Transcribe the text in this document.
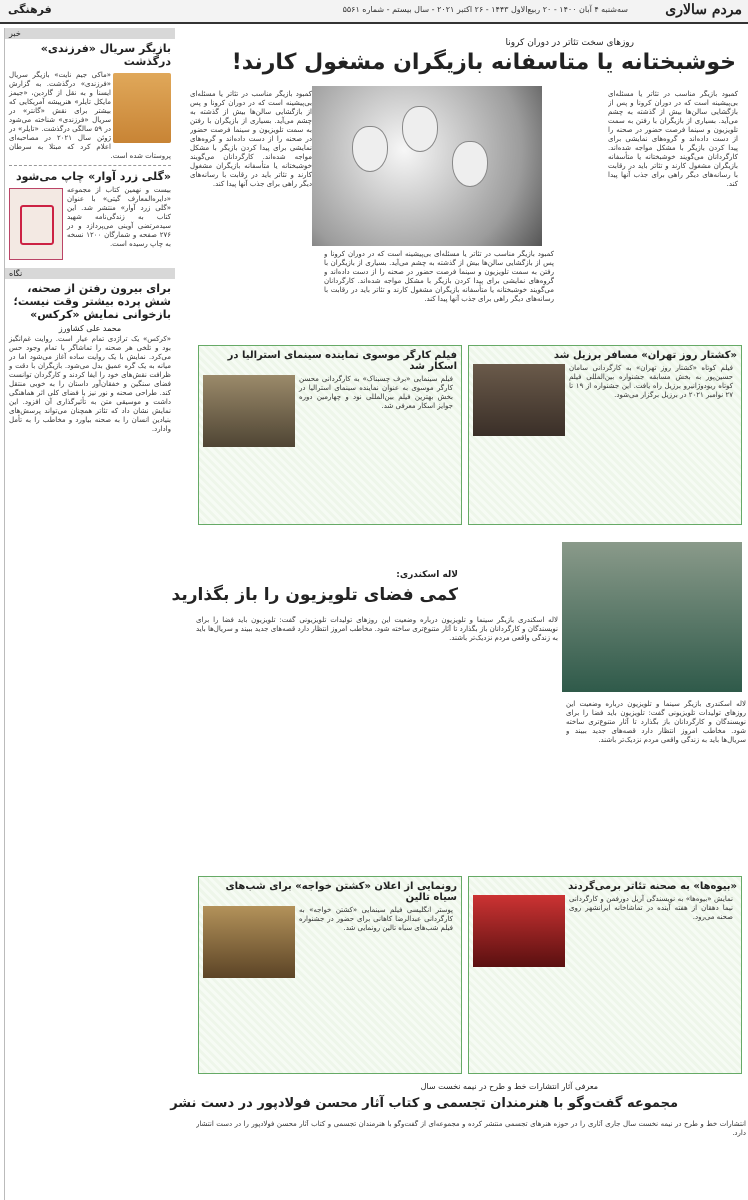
مردم سالاری
سه‌شنبه ۴ آبان ۱۴۰۰ - ۲۰ ربیع‌الاول ۱۴۴۳ - ۲۶ اکتبر ۲۰۲۱ - سال بیستم - شماره ۵۵۶۱
فرهنگی
خبر
بازیگر سریال «فرزندی» درگذشت
«ماکی جیم نایت» بازیگر سریال «فرزندی» درگذشت. به گزارش ایسنا و به نقل از گاردین، «جیمز مایکل تایلر» هنرپیشه آمریکایی که بیشتر برای نقش «گانتر» در سریال «فرزندی» شناخته می‌شود در ۵۹ سالگی درگذشت. «تایلر» در ژوئن سال ۲۰۲۱ در مصاحبه‌ای اعلام کرد که مبتلا به سرطان پروستات شده است.
«گلی زرد آوار» چاپ می‌شود
بیست و نهمین کتاب از مجموعه «دایره‌المعارف گیتی» با عنوان «گلی زرد آوار» منتشر شد. این کتاب به زندگی‌نامه شهید سیدمرتضی آوینی می‌پردازد و در ۲۷۶ صفحه و شمارگان ۱۲۰۰ نسخه به چاپ رسیده است.
نگاه
برای بیرون رفتن از صحنه، شش پرده بیشتر وقت نیست؛ بازخوانی نمایش «کرکس»
محمد علی کشاورز
«کرکس» یک تراژدی تمام عیار است. روایت غم‌انگیز بود و تلخی هر صحنه را تماشاگر با تمام وجود حس می‌کرد. نمایش با یک روایت ساده آغاز می‌شود اما در میانه به یک گره عمیق بدل می‌شود. بازیگران با دقت و ظرافت نقش‌های خود را ایفا کردند و کارگردان توانست فضای سنگین و خفقان‌آور داستان را به خوبی منتقل کند. طراحی صحنه و نور نیز با فضای کلی اثر هماهنگی داشت و موسیقی متن به تأثیرگذاری آن افزود. این نمایش نشان داد که تئاتر همچنان می‌تواند پرسش‌های بنیادین انسان را به صحنه بیاورد و مخاطب را به تأمل وادارد.
روزهای سخت تئاتر در دوران کرونا
خوشبختانه یا متاسفانه بازیگران مشغول کارند!
کمبود بازیگر مناسب در تئاتر یا مسئله‌ای بی‌پیشینه است که در دوران کرونا و پس از بازگشایی سالن‌ها بیش از گذشته به چشم می‌آید. بسیاری از بازیگران با رفتن به سمت تلویزیون و سینما فرصت حضور در صحنه را از دست داده‌اند و گروه‌های نمایشی برای پیدا کردن بازیگر با مشکل مواجه شده‌اند. کارگردانان می‌گویند خوشبختانه یا متأسفانه بازیگران مشغول کارند و تئاتر باید در رقابت با رسانه‌های دیگر راهی برای جذب آنها پیدا کند.
کمبود بازیگر مناسب در تئاتر یا مسئله‌ای بی‌پیشینه است که در دوران کرونا و پس از بازگشایی سالن‌ها بیش از گذشته به چشم می‌آید. بسیاری از بازیگران با رفتن به سمت تلویزیون و سینما فرصت حضور در صحنه را از دست داده‌اند و گروه‌های نمایشی برای پیدا کردن بازیگر با مشکل مواجه شده‌اند. کارگردانان می‌گویند خوشبختانه یا متأسفانه بازیگران مشغول کارند و تئاتر باید در رقابت با رسانه‌های دیگر راهی برای جذب آنها پیدا کند.
کمبود بازیگر مناسب در تئاتر یا مسئله‌ای بی‌پیشینه است که در دوران کرونا و پس از بازگشایی سالن‌ها بیش از گذشته به چشم می‌آید. بسیاری از بازیگران با رفتن به سمت تلویزیون و سینما فرصت حضور در صحنه را از دست داده‌اند و گروه‌های نمایشی برای پیدا کردن بازیگر با مشکل مواجه شده‌اند. کارگردانان می‌گویند خوشبختانه یا متأسفانه بازیگران مشغول کارند و تئاتر باید در رقابت با رسانه‌های دیگر راهی برای جذب آنها پیدا کند.
«کشتار روز تهران» مسافر برزیل شد
فیلم کوتاه «کشتار روز تهران» به کارگردانی سامان حسین‌پور به بخش مسابقه جشنواره بین‌المللی فیلم کوتاه ریودوژانیرو برزیل راه یافت. این جشنواره از ۱۹ تا ۲۷ نوامبر ۲۰۲۱ در برزیل برگزار می‌شود.
فیلم کارگر موسوی نماینده سینمای استرالیا در اسکار شد
فیلم سینمایی «برف چسبناک» به کارگردانی محسن کارگر موسوی به عنوان نماینده سینمای استرالیا در بخش بهترین فیلم بین‌المللی نود و چهارمین دوره جوایز اسکار معرفی شد.
لاله اسکندری:
کمی فضای تلویزیون را باز بگذارید
لاله اسکندری بازیگر سینما و تلویزیون درباره وضعیت این روزهای تولیدات تلویزیونی گفت: تلویزیون باید فضا را برای نویسندگان و کارگردانان باز بگذارد تا آثار متنوع‌تری ساخته شود. مخاطب امروز انتظار دارد قصه‌های جدید ببیند و سریال‌ها باید به زندگی واقعی مردم نزدیک‌تر باشند.
لاله اسکندری بازیگر سینما و تلویزیون درباره وضعیت این روزهای تولیدات تلویزیونی گفت: تلویزیون باید فضا را برای نویسندگان و کارگردانان باز بگذارد تا آثار متنوع‌تری ساخته شود. مخاطب امروز انتظار دارد قصه‌های جدید ببیند و سریال‌ها باید به زندگی واقعی مردم نزدیک‌تر باشند.
«بیوه‌ها» به صحنه تئاتر برمی‌گردند
نمایش «بیوه‌ها» به نویسندگی آریل دورفمن و کارگردانی نیما دهقان از هفته آینده در تماشاخانه ایرانشهر روی صحنه می‌رود.
رونمایی از اعلان «کشتن خواجه» برای شب‌های سیاه تالین
پوستر انگلیسی فیلم سینمایی «کشتن خواجه» به کارگردانی عبدالرضا کاهانی برای حضور در جشنواره فیلم شب‌های سیاه تالین رونمایی شد.
معرفی آثار انتشارات خط و طرح در نیمه نخست سال
مجموعه گفت‌وگو با هنرمندان تجسمی و کتاب آثار محسن فولادپور در دست نشر
انتشارات خط و طرح در نیمه نخست سال جاری آثاری را در حوزه هنرهای تجسمی منتشر کرده و مجموعه‌ای از گفت‌وگو با هنرمندان تجسمی و کتاب آثار محسن فولادپور را در دست انتشار دارد.
